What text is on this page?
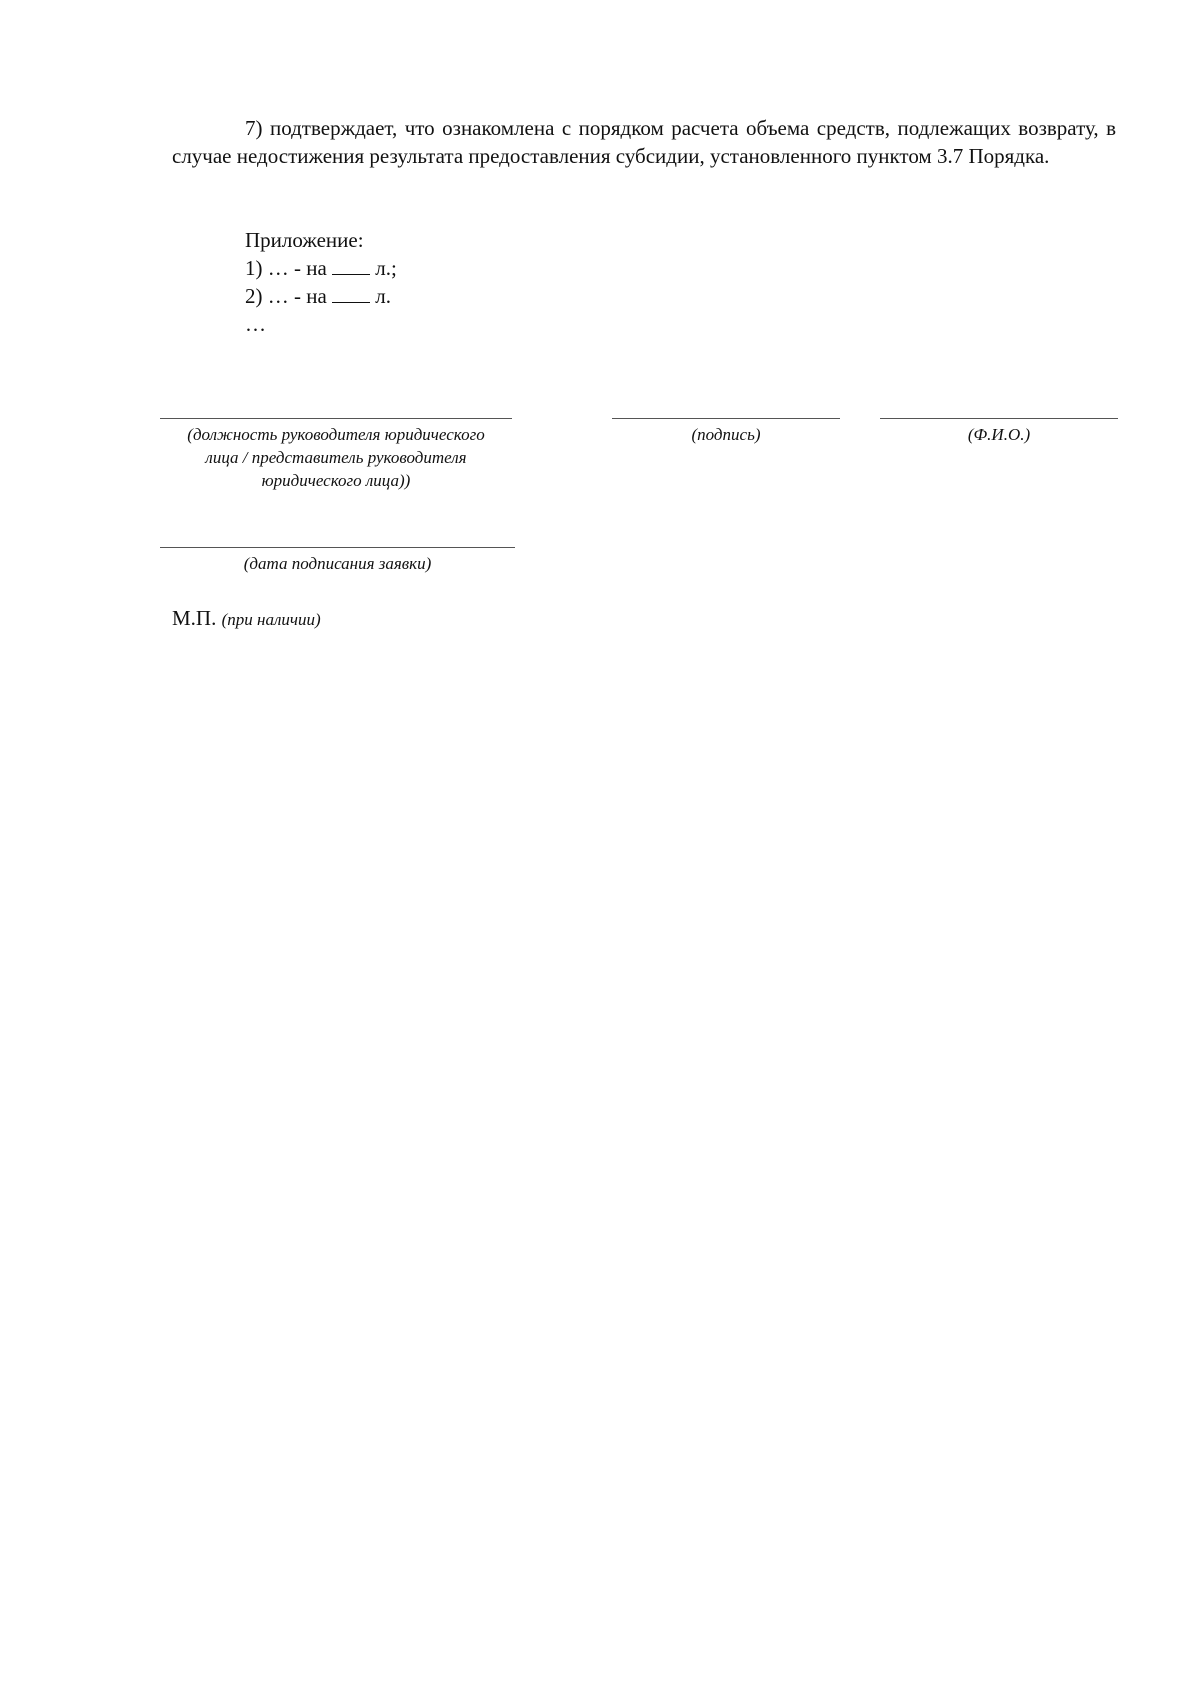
7) подтверждает, что ознакомлена с порядком расчета объема средств, подлежащих возврату, в случае недостижения результата предоставления субсидии, установленного пунктом 3.7 Порядка.

Приложение:
1) … - на  л.;
2) … - на  л.
…
(должность руководителя юридического лица / представитель руководителя юридического лица))
(подпись)	(Ф.И.О.)
(дата подписания заявки)
М.П. (при наличии)
